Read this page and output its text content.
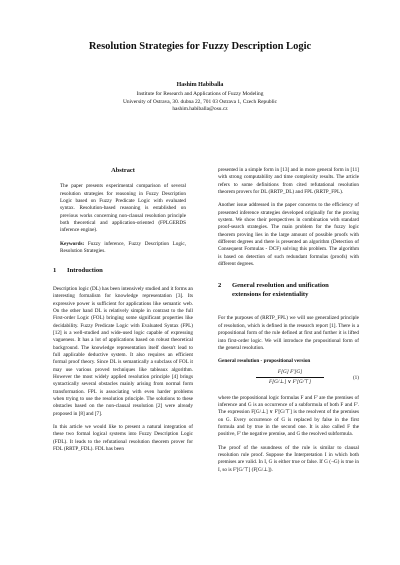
Resolution Strategies for Fuzzy Description Logic
Hashim Habiballa
Institute for Research and Applications of Fuzzy Modeling
University of Ostrava, 30. dubna 22, 701 03 Ostrava 1, Czech Republic
hashim.habiballa@osu.cz
Abstract

The paper presents experimental comparison of several resolution strategies for reasoning in Fuzzy Description Logic based on Fuzzy Predicate Logic with evaluated syntax. Resolution-based reasoning is established on previous works concerning non-clausal resolution principle both theoretical and application-oriented (FPLGERDS inference engine).

Keywords: Fuzzy inference, Fuzzy Description Logic, Resolution Strategies.

1 Introduction

Description logic (DL) has been intensively studied and it forms an interesting formalism for knowledge representation [3]. Its expressive power is sufficient for applications like semantic web. On the other hand DL is relatively simple in contrast to the full First-order Logic (FOL) bringing some significant properties like decidability. Fuzzy Predicate Logic with Evaluated Syntax (FPL) [12] is a well-studied and wide-used logic capable of expressing vagueness. It has a lot of applications based on robust theoretical background. The knowledge representation itself doesn't lead to full applicable deductive system. It also requires an efficient formal proof theory. Since DL is semantically a subclass of FOL it may use various proved techniques like tableaux algorithm. However the most widely applied resolution principle [4] brings syntactically several obstacles mainly arising from normal form transformation. FPL is associating with even harder problems when trying to use the resolution principle. The solutions to these obstacles based on the non-clausal resolution [2] were already proposed in [8] and [7].

In this article we would like to present a natural integration of these two formal logical systems into Fuzzy Description Logic (FDL). It leads to the refutational resolution theorem prover for FDL (RRTP_FDL). FDL has been

presented in a simple form in [13] and in more general form in [11] with strong computability and time complexity results. The article refers to some definitions from cited refutational resolution theorem provers for DL (RRTP_DL) and FPL (RRTP_FPL).

Another issue addressed in the paper concerns to the efficiency of presented inference strategies developed originally for the proving system. We show their perspectives in combination with standard proof-search strategies. The main problem for the fuzzy logic theorem proving lies in the large amount of possible proofs with different degrees and there is presented an algorithm (Detection of Consequent Formulas - DCF) solving this problem. The algorithm is based on detection of such redundant formulas (proofs) with different degrees.

2 General resolution and unification
extensions for existentiality

For the purposes of (RRTP_FPL) we will use generalized principle of resolution, which is defined in the research report [1]. There is a propositional form of the rule defined at first and further it is lifted into first-order logic. We will introduce the propositional form of the general resolution.

General resolution - propositional version
$\frac{F[G] F'[G]}{F[G/\perp] \vee F'[G/⊤]}$	(1)

where the propositional logic formulas F and F' are the premises of inference and G is an occurrence of a subformula of both F and F'. The expression F[G/⊥] ∨ F'[G/⊤] is the resolvent of the premises on G. Every occurrence of G is replaced by false in the first formula and by true in the second one. It is also called F the positive, F' the negative premise, and G the resolved subformula.

The proof of the soundness of the rule is similar to clausal resolution rule proof. Suppose the Interpretation I in which both premises are valid. In I, G is either true or false. If G (¬G) is true in I, so is F'[G/⊤] (F[G/⊥]).
